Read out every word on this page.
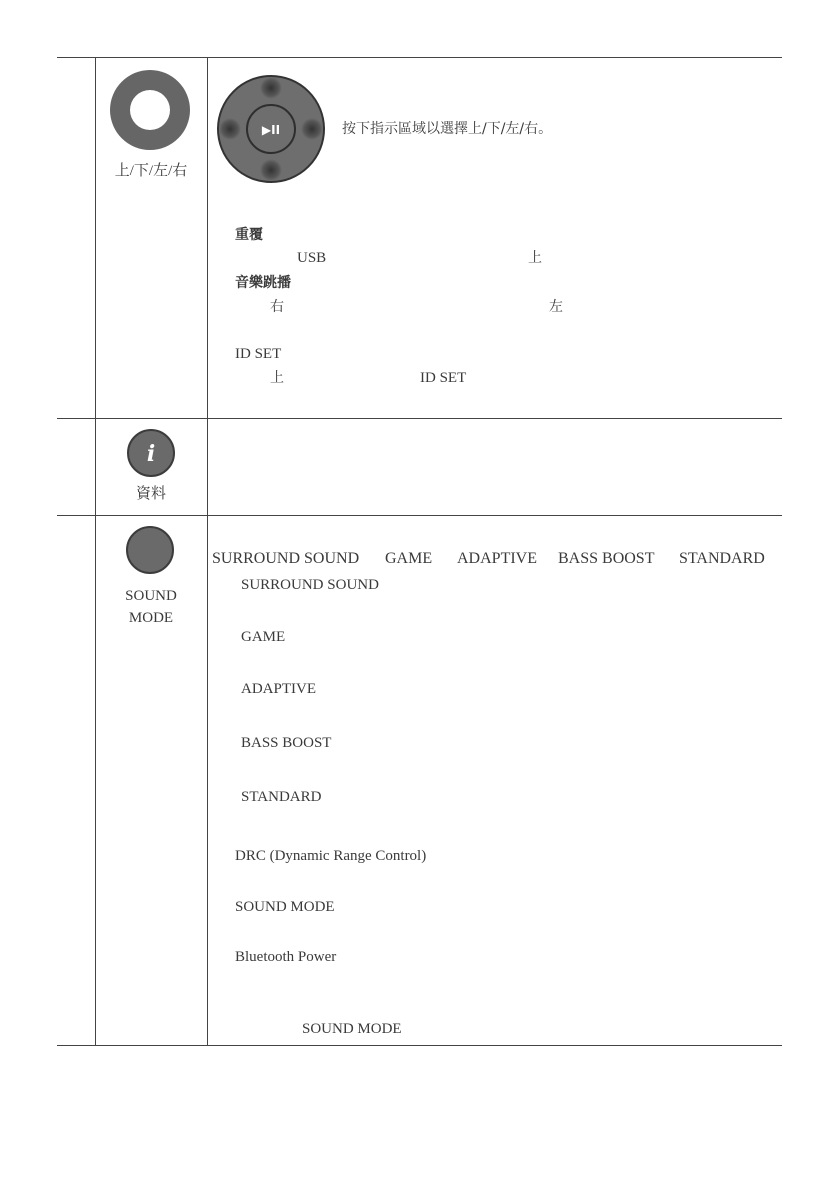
上/下/左/右
▶II	按下指示區域以選擇上/下/左/右。
重覆
USB	上
音樂跳播
右	左
ID SET
上	ID SET
i
資料
SOUND
MODE
SURROUND SOUND GAME ADAPTIVE BASS BOOST STANDARD
SURROUND SOUND
GAME
ADAPTIVE
BASS BOOST
STANDARD
DRC (Dynamic Range Control)
SOUND MODE
Bluetooth Power
SOUND MODE
